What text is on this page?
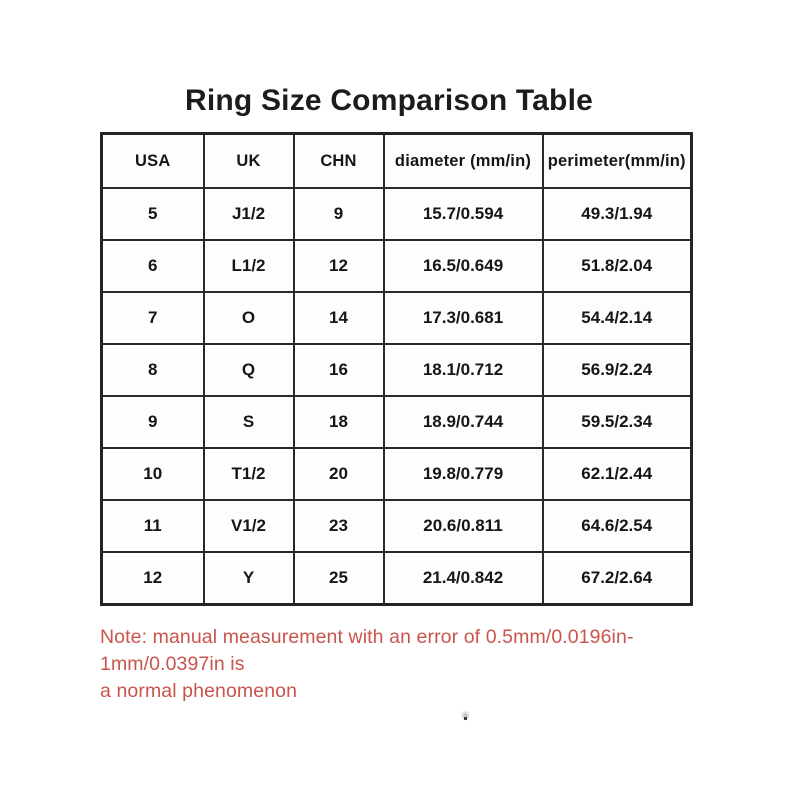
Ring Size Comparison Table
USA	UK	CHN	diameter (mm/in)	perimeter(mm/in)
5	J1/2	9	15.7/0.594	49.3/1.94
6	L1/2	12	16.5/0.649	51.8/2.04
7	O	14	17.3/0.681	54.4/2.14
8	Q	16	18.1/0.712	56.9/2.24
9	S	18	18.9/0.744	59.5/2.34
10	T1/2	20	19.8/0.779	62.1/2.44
11	V1/2	23	20.6/0.811	64.6/2.54
12	Y	25	21.4/0.842	67.2/2.64
Note: manual measurement with an error of 0.5mm/0.0196in-1mm/0.0397in is
a normal phenomenon
